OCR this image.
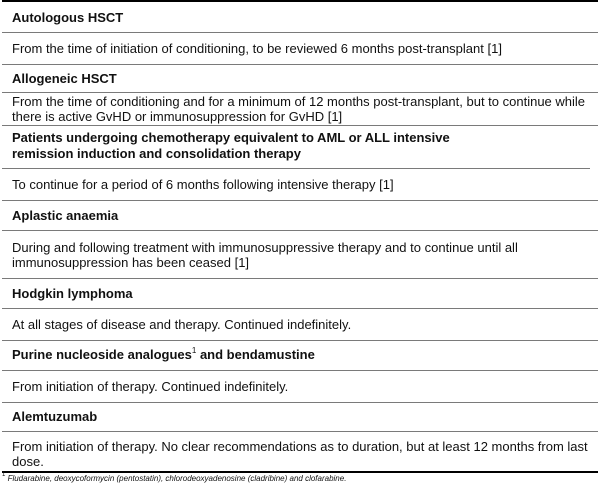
Autologous HSCT
From the time of initiation of conditioning, to be reviewed 6 months post-transplant [1]
Allogeneic HSCT
From the time of conditioning and for a minimum of 12 months post-transplant, but to continue while there is active GvHD or immunosuppression for GvHD [1]
Patients undergoing chemotherapy equivalent to AML or ALL intensive
remission induction and consolidation therapy
To continue for a period of 6 months following intensive therapy [1]
Aplastic anaemia
During and following treatment with immunosuppressive therapy and to continue until all immunosuppression has been ceased [1]
Hodgkin lymphoma
At all stages of disease and therapy. Continued indefinitely.
Purine nucleoside analogues$^1$ and bendamustine
From initiation of therapy. Continued indefinitely.
Alemtuzumab
From initiation of therapy. No clear recommendations as to duration, but at least 12 months from last dose.
$^1$ Fludarabine, deoxycoformycin (pentostatin), chlorodeoxyadenosine (cladribine) and clofarabine.
